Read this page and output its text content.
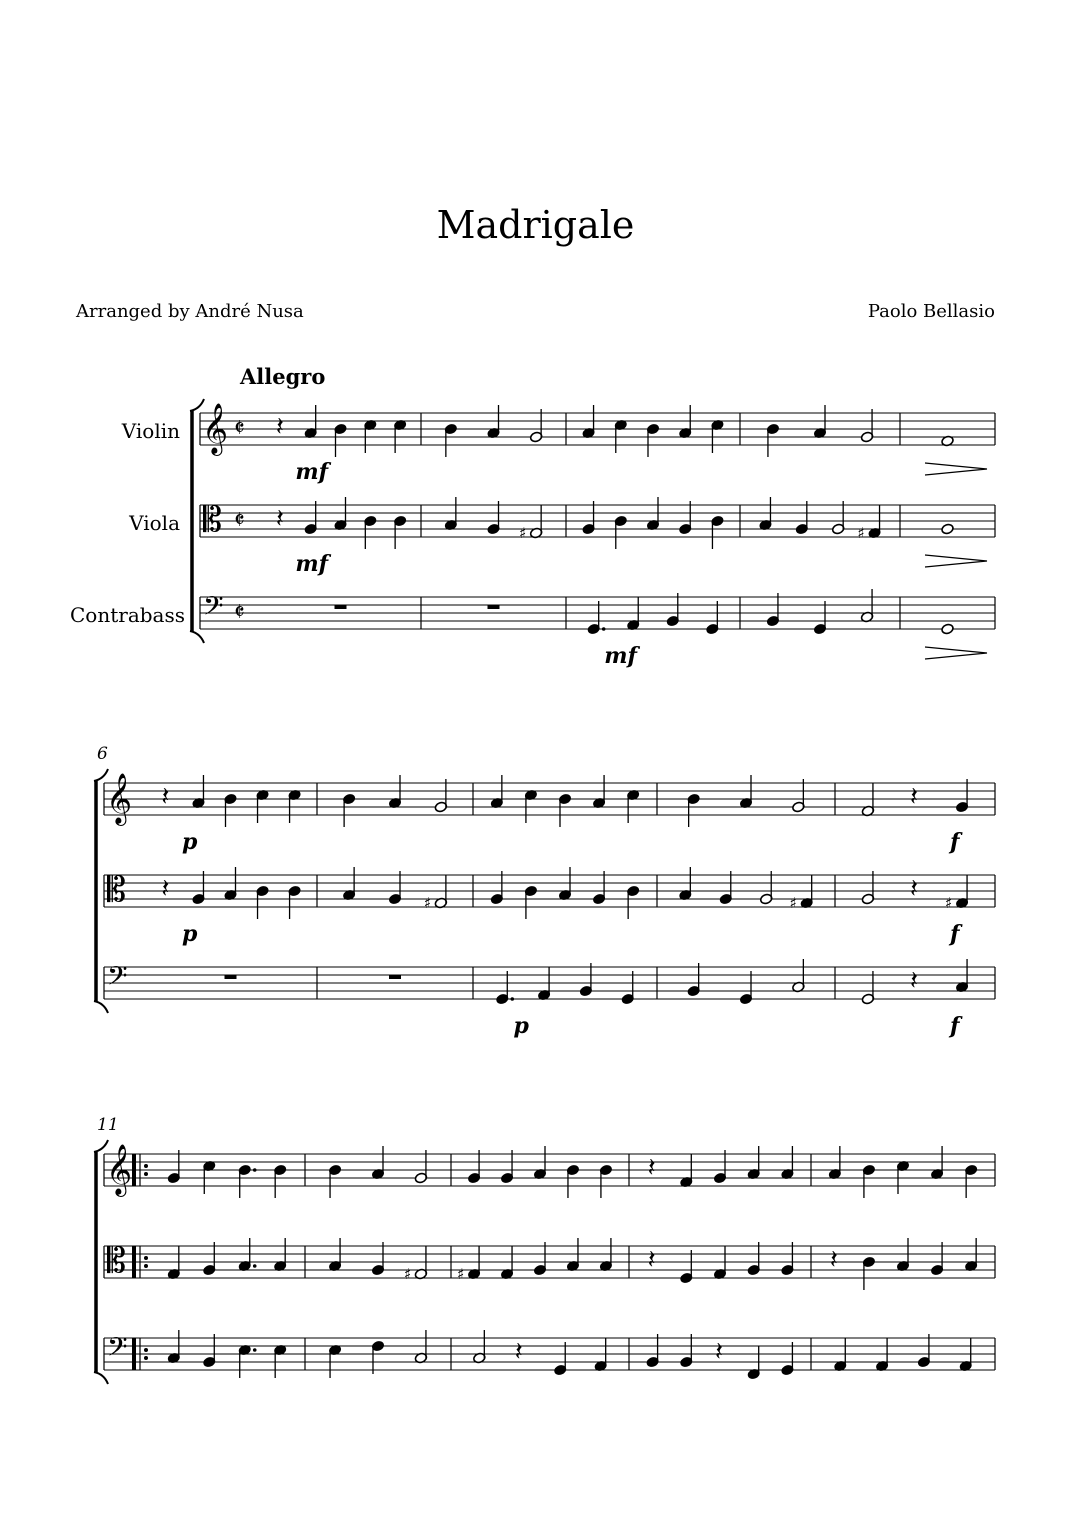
Madrigale
Arranged by André Nusa	Paolo Bellasio
Allegro
Violin
Viola
Contrabass
6
11
𝄞 𝄵
𝄡 𝄵
𝄢 𝄵
𝄽
𝄽	♯	♯
mf
mf
mf
𝄞
𝄡
𝄢
𝄽	𝄽
𝄽	♯	♯	𝄽 ♯
𝄽
p
p
p
f
f
f
𝄞
𝄡
𝄢
𝄽
♯	♯	𝄽	𝄽
𝄽	𝄽
